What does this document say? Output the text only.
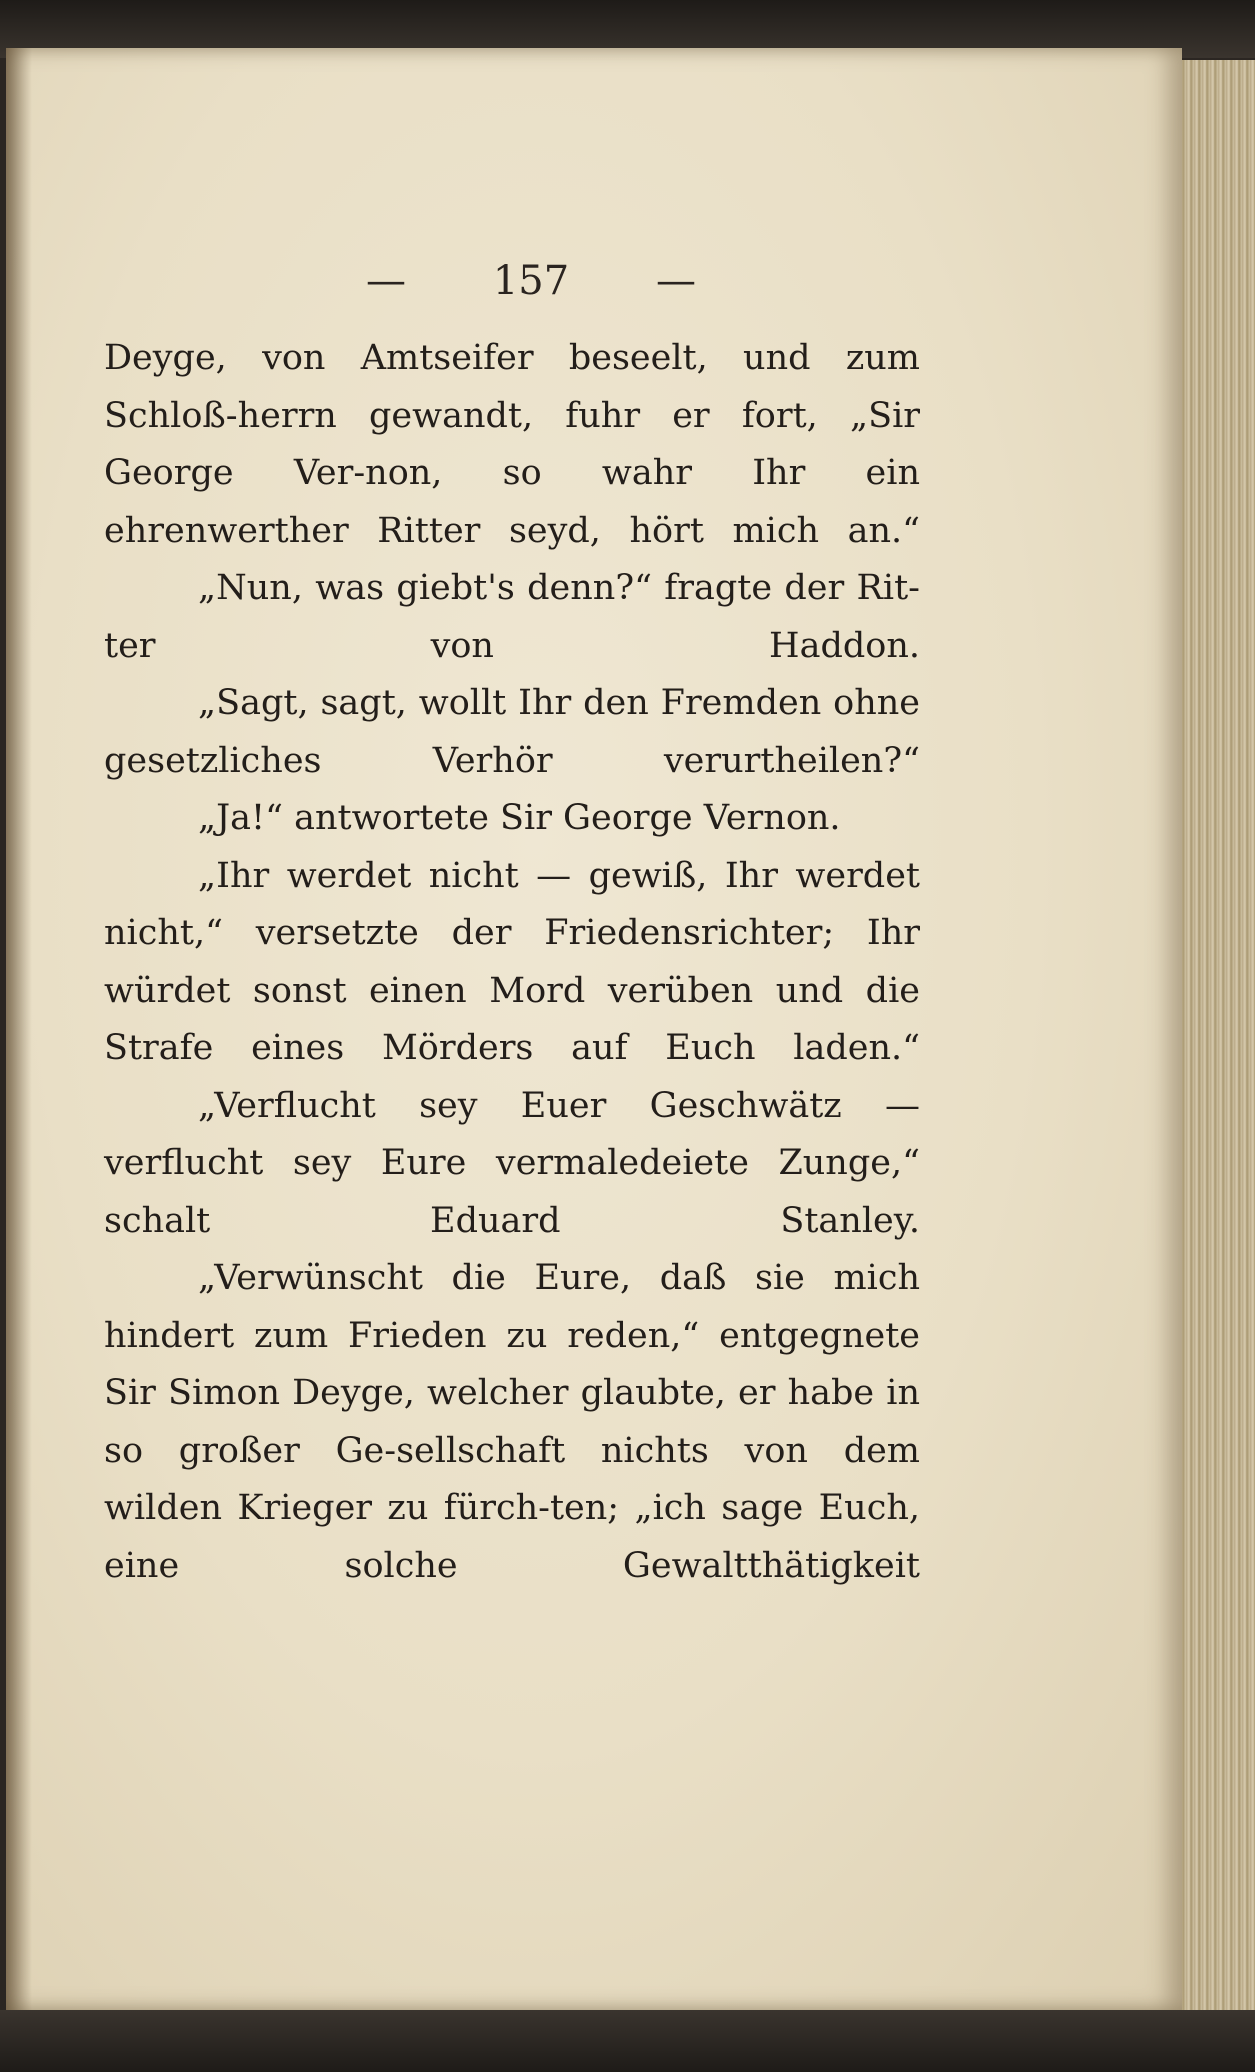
— 157 —

Deyge, von Amtseifer beseelt, und zum Schloß-herrn gewandt, fuhr er fort, „Sir George Ver-non, so wahr Ihr ein ehrenwerther Ritter seyd, hört mich an.“

„Nun, was giebt's denn?“ fragte der Rit-ter von Haddon.

„Sagt, sagt, wollt Ihr den Fremden ohne gesetzliches Verhör verurtheilen?“

„Ja!“ antwortete Sir George Vernon.

„Ihr werdet nicht — gewiß, Ihr werdet nicht,“ versetzte der Friedensrichter; Ihr würdet sonst einen Mord verüben und die Strafe eines Mörders auf Euch laden.“

„Verflucht sey Euer Geschwätz — verflucht sey Eure vermaledeiete Zunge,“ schalt Eduard Stanley.

„Verwünscht die Eure, daß sie mich hindert zum Frieden zu reden,“ entgegnete Sir Simon Deyge, welcher glaubte, er habe in so großer Ge-sellschaft nichts von dem wilden Krieger zu fürch-ten; „ich sage Euch, eine solche Gewaltthätigkeit
